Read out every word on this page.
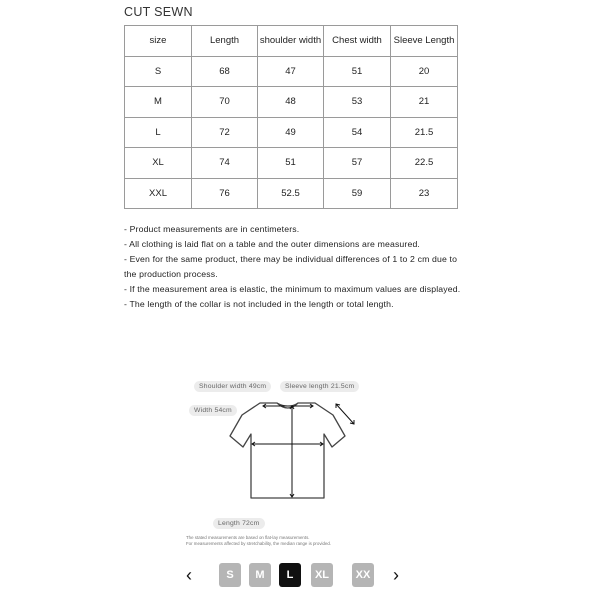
CUT SEWN
size	Length	shoulder width	Chest width	Sleeve Length
S	68	47	51	20
M	70	48	53	21
L	72	49	54	21.5
XL	74	51	57	22.5
XXL	76	52.5	59	23

- Product measurements are in centimeters.

- All clothing is laid flat on a table and the outer dimensions are measured.

- Even for the same product, there may be individual differences of 1 to 2 cm due to the production process.

- If the measurement area is elastic, the minimum to maximum values are displayed.

- The length of the collar is not included in the length or total length.

Shoulder width 49cm	Sleeve length 21.5cm
Width 54cm
Length 72cm
The stated measurements are based on flat-lay measurements.
For measurements affected by stretchability, the median range is provided.
‹	S	M	L	XL	XX ›
